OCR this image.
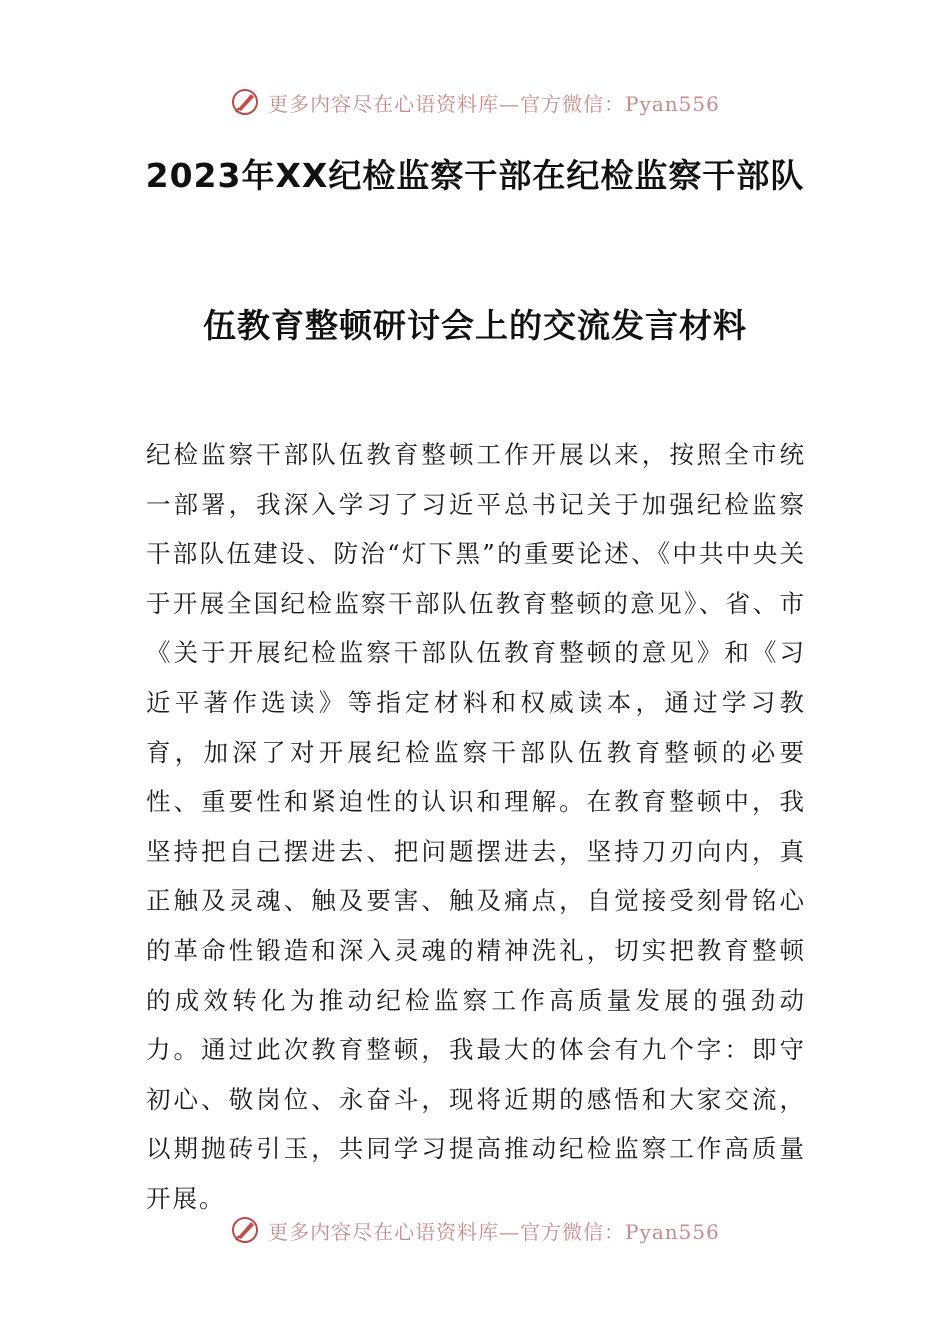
更多内容尽在心语资料库—官方微信：Pyan556
2023年XX纪检监察干部在纪检监察干部队
伍教育整顿研讨会上的交流发言材料
纪检监察干部队伍教育整顿工作开展以来，按照全市统一部署，我深入学习了习近平总书记关于加强纪检监察干部队伍建设、防治“灯下黑”的重要论述、《中共中央关于开展全国纪检监察干部队伍教育整顿的意见》、省、市《关于开展纪检监察干部队伍教育整顿的意见》和《习近平著作选读》等指定材料和权威读本，通过学习教育，加深了对开展纪检监察干部队伍教育整顿的必要性、重要性和紧迫性的认识和理解。在教育整顿中，我坚持把自己摆进去、把问题摆进去，坚持刀刃向内，真正触及灵魂、触及要害、触及痛点，自觉接受刻骨铭心的革命性锻造和深入灵魂的精神洗礼，切实把教育整顿的成效转化为推动纪检监察工作高质量发展的强劲动力。通过此次教育整顿，我最大的体会有九个字：即守初心、敬岗位、永奋斗，现将近期的感悟和大家交流，以期抛砖引玉，共同学习提高推动纪检监察工作高质量开展。
更多内容尽在心语资料库—官方微信：Pyan556
